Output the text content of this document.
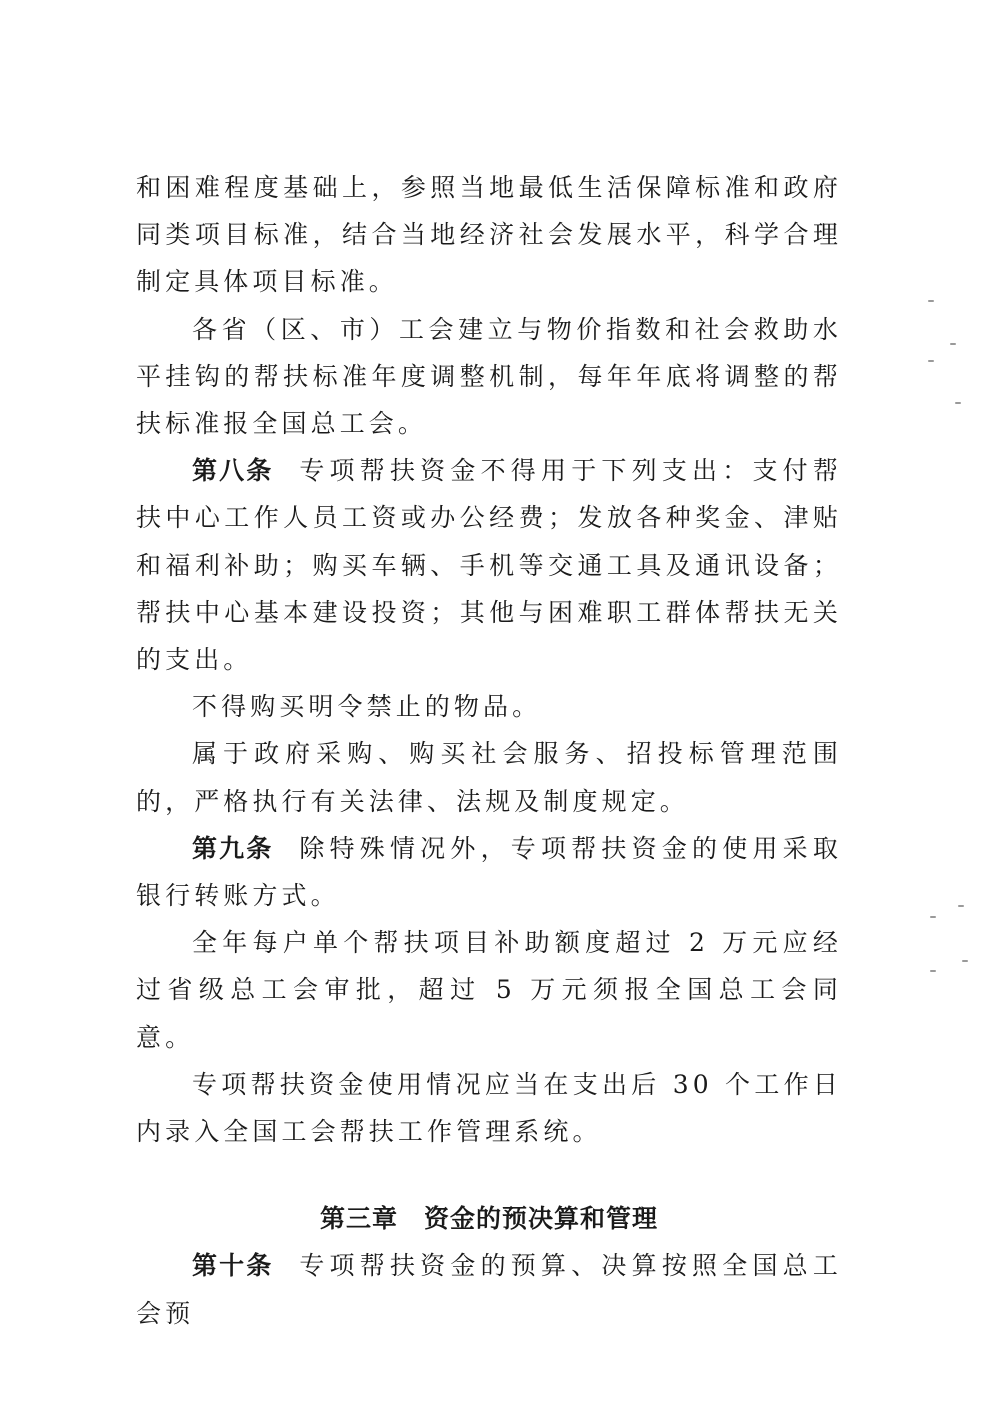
和困难程度基础上，参照当地最低生活保障标准和政府同类项目标准，结合当地经济社会发展水平，科学合理制定具体项目标准。

各省（区、市）工会建立与物价指数和社会救助水平挂钩的帮扶标准年度调整机制，每年年底将调整的帮扶标准报全国总工会。

第八条 专项帮扶资金不得用于下列支出：支付帮扶中心工作人员工资或办公经费；发放各种奖金、津贴和福利补助；购买车辆、手机等交通工具及通讯设备；帮扶中心基本建设投资；其他与困难职工群体帮扶无关的支出。

不得购买明令禁止的物品。

属于政府采购、购买社会服务、招投标管理范围的，严格执行有关法律、法规及制度规定。

第九条 除特殊情况外，专项帮扶资金的使用采取银行转账方式。

全年每户单个帮扶项目补助额度超过 2 万元应经过省级总工会审批，超过 5 万元须报全国总工会同意。

专项帮扶资金使用情况应当在支出后 30 个工作日内录入全国工会帮扶工作管理系统。

第三章 资金的预决算和管理

第十条 专项帮扶资金的预算、决算按照全国总工会预
